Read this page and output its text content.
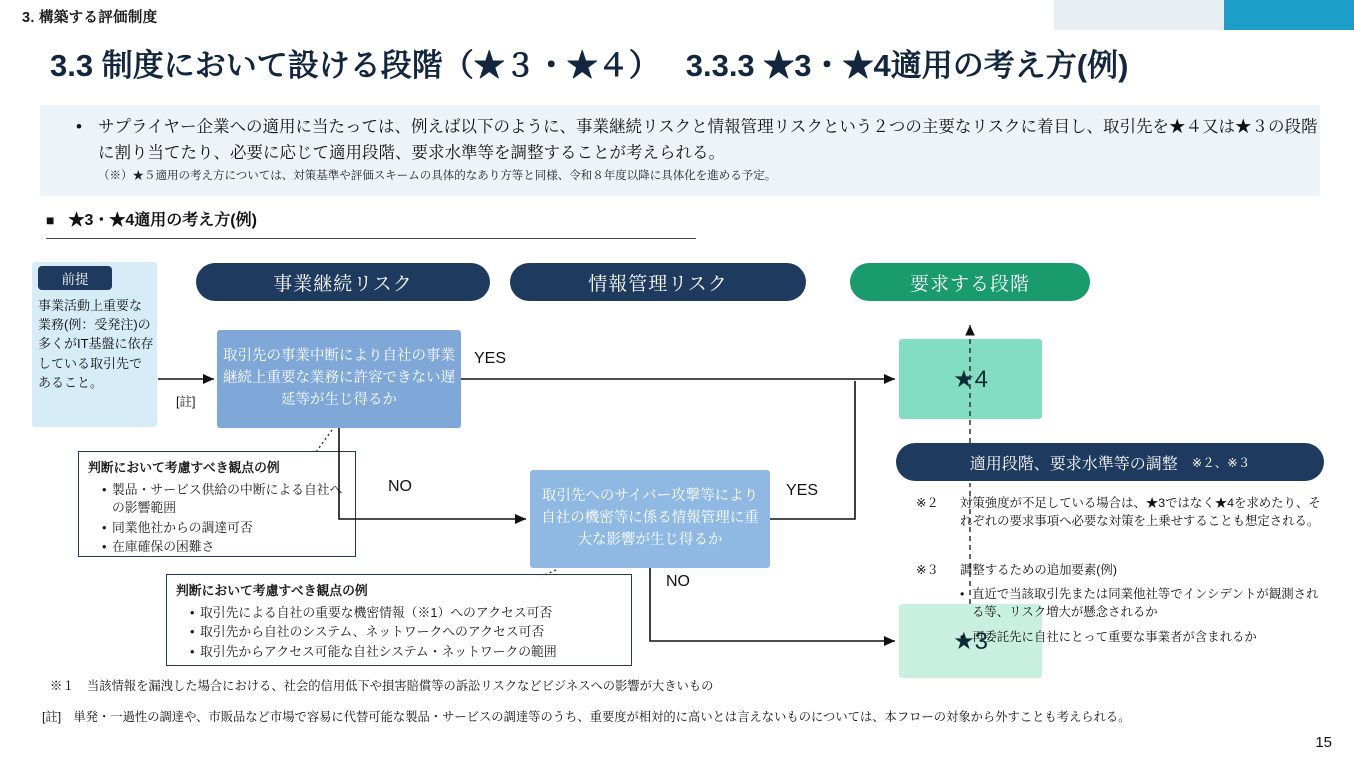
3. 構築する評価制度
3.3 制度において設ける段階（★３・★４） 3.3.3 ★3・★4適用の考え方(例)
• サプライヤー企業への適用に当たっては、例えば以下のように、事業継続リスクと情報管理リスクという２つの主要なリスクに着目し、取引先を★４又は★３の段階に割り当てたり、必要に応じて適用段階、要求水準等を調整することが考えられる。
（※）★５適用の考え方については、対策基準や評価スキームの具体的なあり方等と同様、令和８年度以降に具体化を進める予定。
■ ★3・★4適用の考え方(例)
事業継続リスク	情報管理リスク	要求する段階
前提
事業活動上重要な業務(例：受発注)の多くがIT基盤に依存している取引先であること。
取引先の事業中断により自社の事業継続上重要な業務に許容できない遅延等が生じ得るか
取引先へのサイバー攻撃等により自社の機密等に係る情報管理に重大な影響が生じ得るか
★4
★3
YES
NO	YES
NO
[註]
判断において考慮すべき観点の例
• 製品・サービス供給の中断による自社への影響範囲
• 同業他社からの調達可否
• 在庫確保の困難さ
判断において考慮すべき観点の例
• 取引先による自社の重要な機密情報（※1）へのアクセス可否
• 取引先から自社のシステム、ネットワークへのアクセス可否
• 取引先からアクセス可能な自社システム・ネットワークの範囲
適用段階、要求水準等の調整 ※２、※３
※２ 対策強度が不足している場合は、★3ではなく★4を求めたり、それぞれの要求事項へ必要な対策を上乗せすることも想定される。
※３ 調整するための追加要素(例)
• 直近で当該取引先または同業他社等でインシデントが観測される等、リスク増大が懸念されるか
• 再委託先に自社にとって重要な事業者が含まれるか
※１　当該情報を漏洩した場合における、社会的信用低下や損害賠償等の訴訟リスクなどビジネスへの影響が大きいもの
[註]　単発・一過性の調達や、市販品など市場で容易に代替可能な製品・サービスの調達等のうち、重要度が相対的に高いとは言えないものについては、本フローの対象から外すことも考えられる。
15
